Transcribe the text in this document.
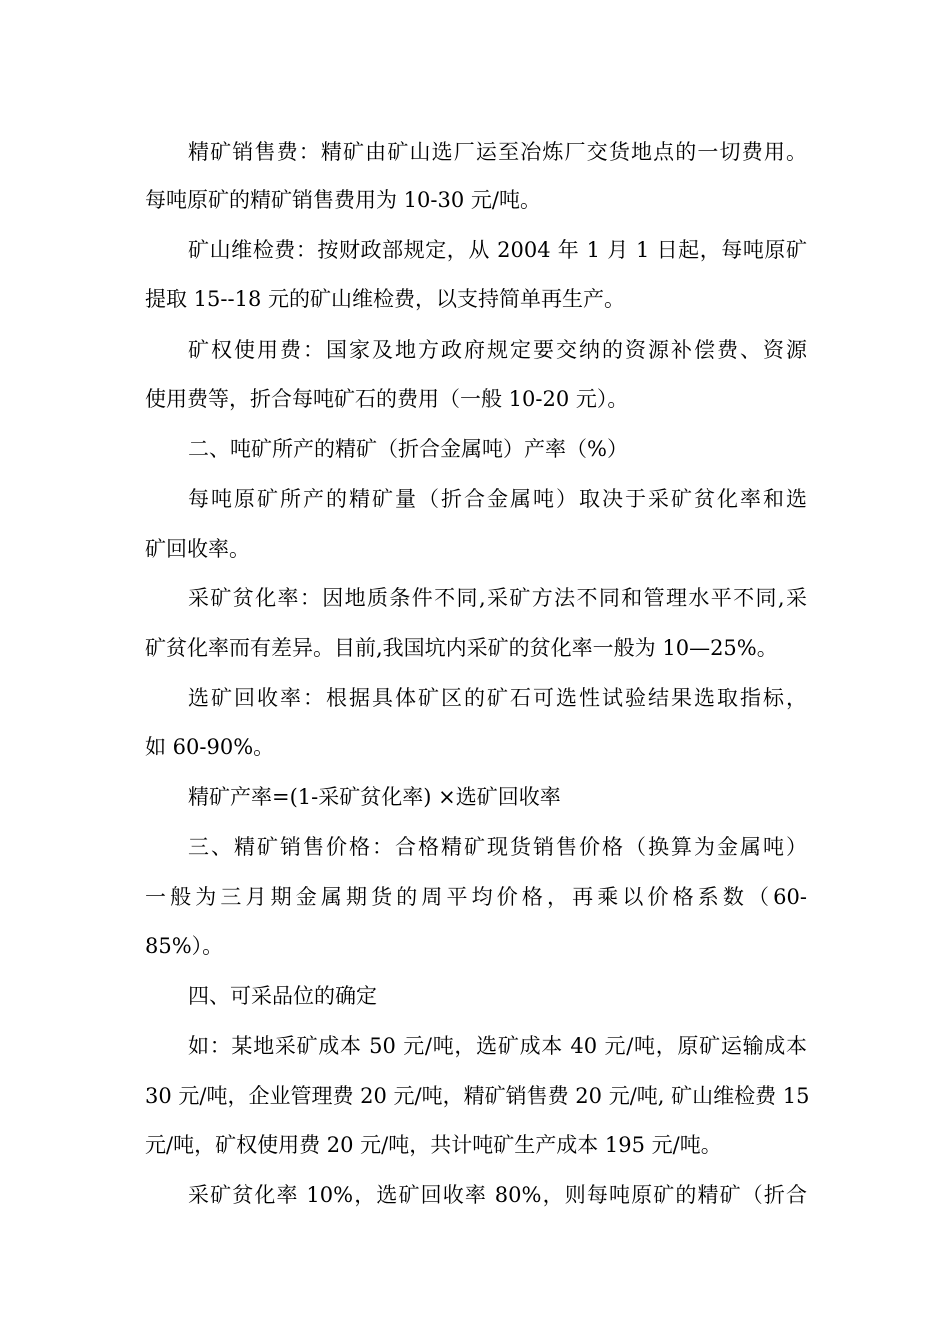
精矿销售费：精矿由矿山选厂运至冶炼厂交货地点的一切费用。
每吨原矿的精矿销售费用为 10-30 元/吨。
矿山维检费：按财政部规定，从 2004 年 1 月 1 日起，每吨原矿
提取 15--18 元的矿山维检费，以支持简单再生产。
矿权使用费：国家及地方政府规定要交纳的资源补偿费、资源
使用费等，折合每吨矿石的费用（一般 10-20 元）。
二、吨矿所产的精矿（折合金属吨）产率（%）
每吨原矿所产的精矿量（折合金属吨）取决于采矿贫化率和选
矿回收率。
采矿贫化率：因地质条件不同,采矿方法不同和管理水平不同,采
矿贫化率而有差异。目前,我国坑内采矿的贫化率一般为 10—25%。
选矿回收率：根据具体矿区的矿石可选性试验结果选取指标，
如 60-90%。
精矿产率=(1-采矿贫化率) ×选矿回收率
三、精矿销售价格：合格精矿现货销售价格（换算为金属吨）
一般为三月期金属期货的周平均价格，再乘以价格系数（60-
85%）。
四、可采品位的确定
如：某地采矿成本 50 元/吨，选矿成本 40 元/吨，原矿运输成本
30 元/吨，企业管理费 20 元/吨，精矿销售费 20 元/吨, 矿山维检费 15
元/吨，矿权使用费 20 元/吨，共计吨矿生产成本 195 元/吨。
采矿贫化率 10%，选矿回收率 80%，则每吨原矿的精矿（折合
